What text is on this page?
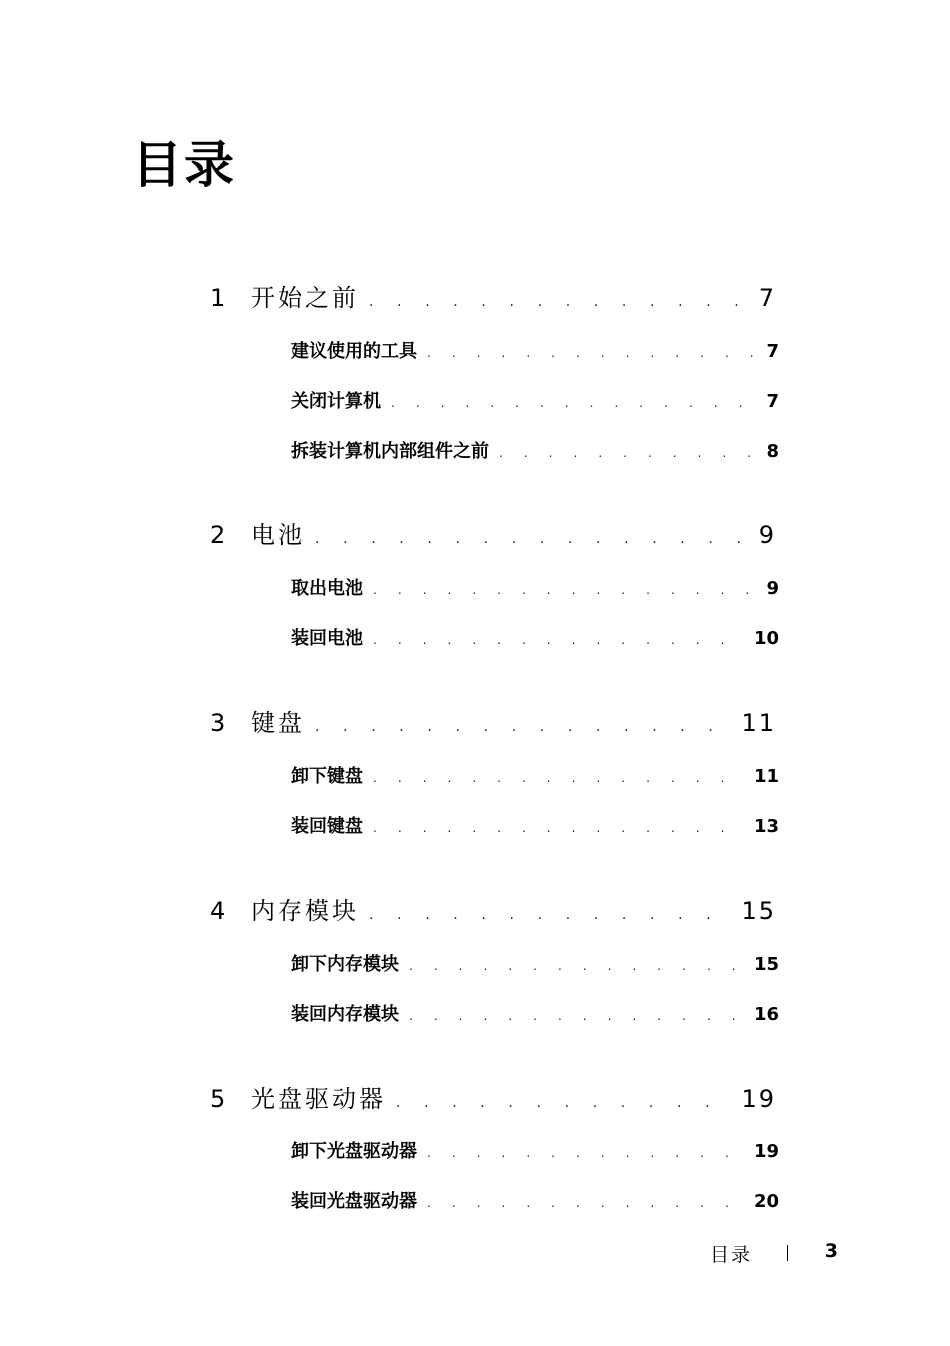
目录
1 开始之前 . . .	7
建议使用的工具 . . .	7
关闭计算机 . . .	7
拆装计算机内部组件之前 . . .	8
2 电池 . . .	9
取出电池 . . .	9
装回电池 . . .	10
3 键盘 . . .	11
卸下键盘 . . .	11
装回键盘 . . .	13
4 内存模块 . . .	15
卸下内存模块 . . .	15
装回内存模块 . . .	16
5 光盘驱动器 . . .	19
卸下光盘驱动器 . . .	19
装回光盘驱动器 . . .	20
目录	3
